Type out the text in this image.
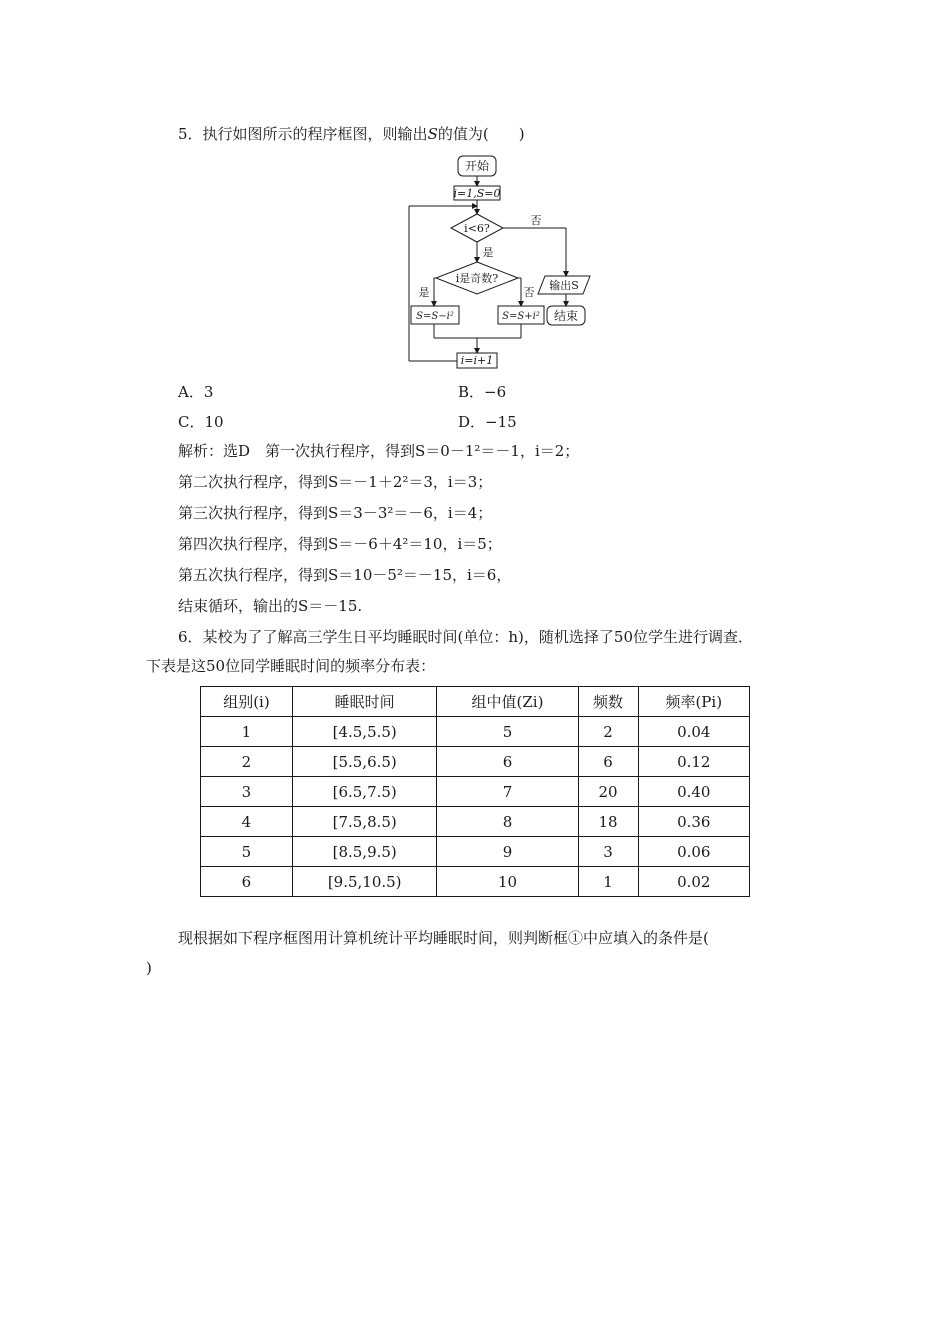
5．执行如图所示的程序框图，则输出S的值为(　　)
开始
i=1,S=0
i<6?
否
是
i是奇数?
是	否
S=S−i²	S=S+i²
i=i+1
输出S
结束
A．3	B．−6
C．10	D．−15
解析：选D　第一次执行程序，得到S＝0－1²＝－1，i＝2；
第二次执行程序，得到S＝－1＋2²＝3，i＝3；
第三次执行程序，得到S＝3－3²＝－6，i＝4；
第四次执行程序，得到S＝－6＋4²＝10，i＝5；
第五次执行程序，得到S＝10－5²＝－15，i＝6，
结束循环，输出的S＝－15.
6．某校为了了解高三学生日平均睡眠时间(单位：h)，随机选择了50位学生进行调查．
下表是这50位同学睡眠时间的频率分布表：
组别(i)	睡眠时间	组中值(Zi)	频数	频率(Pi)
1	[4.5,5.5)	5	2	0.04
2	[5.5,6.5)	6	6	0.12
3	[6.5,7.5)	7	20	0.40
4	[7.5,8.5)	8	18	0.36
5	[8.5,9.5)	9	3	0.06
6	[9.5,10.5)	10	1	0.02
现根据如下程序框图用计算机统计平均睡眠时间，则判断框①中应填入的条件是(
)
